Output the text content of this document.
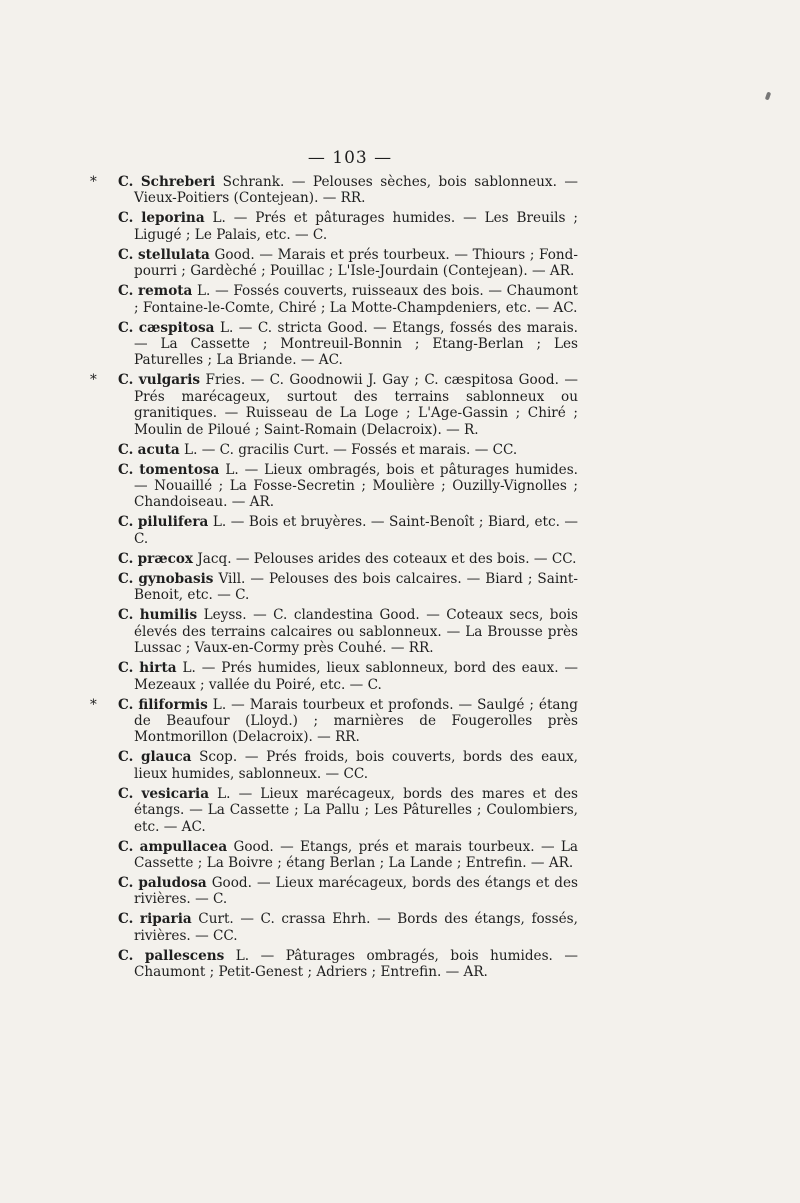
— 103 —

* C. Schreberi Schrank. — Pelouses sèches, bois sablonneux. — Vieux-Poitiers (Contejean). — RR.

C. leporina L. — Prés et pâturages humides. — Les Breuils ; Ligugé ; Le Palais, etc. — C.

C. stellulata Good. — Marais et prés tourbeux. — Thiours ; Fond-pourri ; Gardèché ; Pouillac ; L'Isle-Jourdain (Contejean). — AR.

C. remota L. — Fossés couverts, ruisseaux des bois. — Chaumont ; Fontaine-le-Comte, Chiré ; La Motte-Champdeniers, etc. — AC.

C. cæspitosa L. — C. stricta Good. — Etangs, fossés des marais. — La Cassette ; Montreuil-Bonnin ; Etang-Berlan ; Les Paturelles ; La Briande. — AC.

* C. vulgaris Fries. — C. Goodnowii J. Gay ; C. cæspitosa Good. — Prés marécageux, surtout des terrains sablonneux ou granitiques. — Ruisseau de La Loge ; L'Age-Gassin ; Chiré ; Moulin de Piloué ; Saint-Romain (Delacroix). — R.

C. acuta L. — C. gracilis Curt. — Fossés et marais. — CC.

C. tomentosa L. — Lieux ombragés, bois et pâturages humides. — Nouaillé ; La Fosse-Secretin ; Moulière ; Ouzilly-Vignolles ; Chandoiseau. — AR.

C. pilulifera L. — Bois et bruyères. — Saint-Benoît ; Biard, etc. — C.

C. præcox Jacq. — Pelouses arides des coteaux et des bois. — CC.

C. gynobasis Vill. — Pelouses des bois calcaires. — Biard ; Saint-Benoit, etc. — C.

C. humilis Leyss. — C. clandestina Good. — Coteaux secs, bois élevés des terrains calcaires ou sablonneux. — La Brousse près Lussac ; Vaux-en-Cormy près Couhé. — RR.

C. hirta L. — Prés humides, lieux sablonneux, bord des eaux. — Mezeaux ; vallée du Poiré, etc. — C.

* C. filiformis L. — Marais tourbeux et profonds. — Saulgé ; étang de Beaufour (Lloyd.) ; marnières de Fougerolles près Montmorillon (Delacroix). — RR.

C. glauca Scop. — Prés froids, bois couverts, bords des eaux, lieux humides, sablonneux. — CC.

C. vesicaria L. — Lieux marécageux, bords des mares et des étangs. — La Cassette ; La Pallu ; Les Pâturelles ; Coulombiers, etc. — AC.

C. ampullacea Good. — Etangs, prés et marais tourbeux. — La Cassette ; La Boivre ; étang Berlan ; La Lande ; Entrefin. — AR.

C. paludosa Good. — Lieux marécageux, bords des étangs et des rivières. — C.

C. riparia Curt. — C. crassa Ehrh. — Bords des étangs, fossés, rivières. — CC.

C. pallescens L. — Pâturages ombragés, bois humides. — Chaumont ; Petit-Genest ; Adriers ; Entrefin. — AR.
